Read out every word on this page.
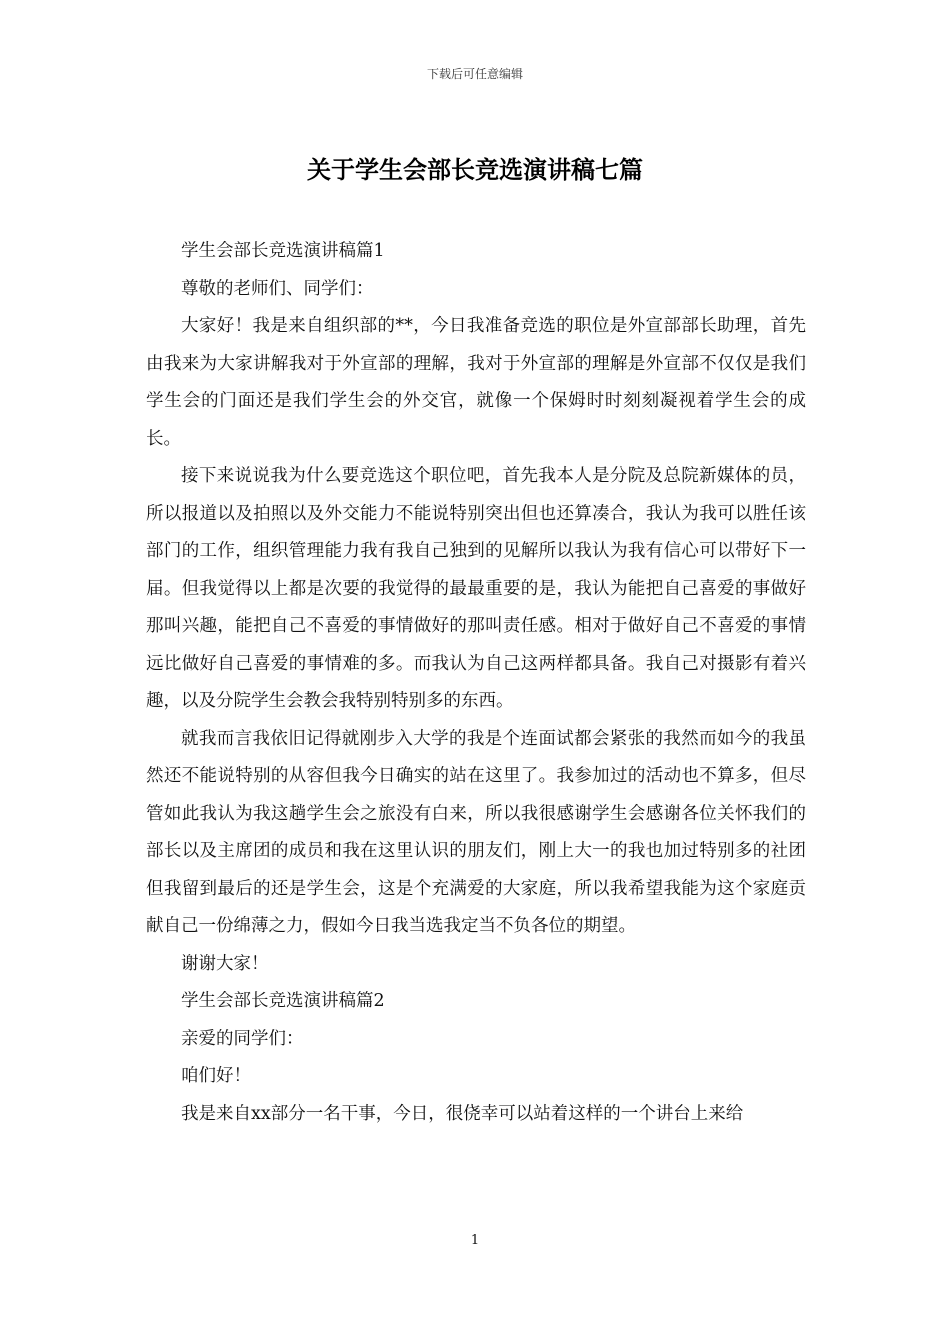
下载后可任意编辑
关于学生会部长竞选演讲稿七篇

学生会部长竞选演讲稿篇1

尊敬的老师们、同学们：

大家好！我是来自组织部的**，今日我准备竞选的职位是外宣部部长助理，首先由我来为大家讲解我对于外宣部的理解，我对于外宣部的理解是外宣部不仅仅是我们学生会的门面还是我们学生会的外交官，就像一个保姆时时刻刻凝视着学生会的成长。

接下来说说我为什么要竞选这个职位吧，首先我本人是分院及总院新媒体的员，所以报道以及拍照以及外交能力不能说特别突出但也还算凑合，我认为我可以胜任该部门的工作，组织管理能力我有我自己独到的见解所以我认为我有信心可以带好下一届。但我觉得以上都是次要的我觉得的最最重要的是，我认为能把自己喜爱的事做好那叫兴趣，能把自己不喜爱的事情做好的那叫责任感。相对于做好自己不喜爱的事情远比做好自己喜爱的事情难的多。而我认为自己这两样都具备。我自己对摄影有着兴趣，以及分院学生会教会我特别特别多的东西。

就我而言我依旧记得就刚步入大学的我是个连面试都会紧张的我然而如今的我虽然还不能说特别的从容但我今日确实的站在这里了。我参加过的活动也不算多，但尽管如此我认为我这趟学生会之旅没有白来，所以我很感谢学生会感谢各位关怀我们的部长以及主席团的成员和我在这里认识的朋友们，刚上大一的我也加过特别多的社团但我留到最后的还是学生会，这是个充满爱的大家庭，所以我希望我能为这个家庭贡献自己一份绵薄之力，假如今日我当选我定当不负各位的期望。

谢谢大家！

学生会部长竞选演讲稿篇2

亲爱的同学们：

咱们好！

我是来自xx部分一名干事，今日，很侥幸可以站着这样的一个讲台上来给

1
